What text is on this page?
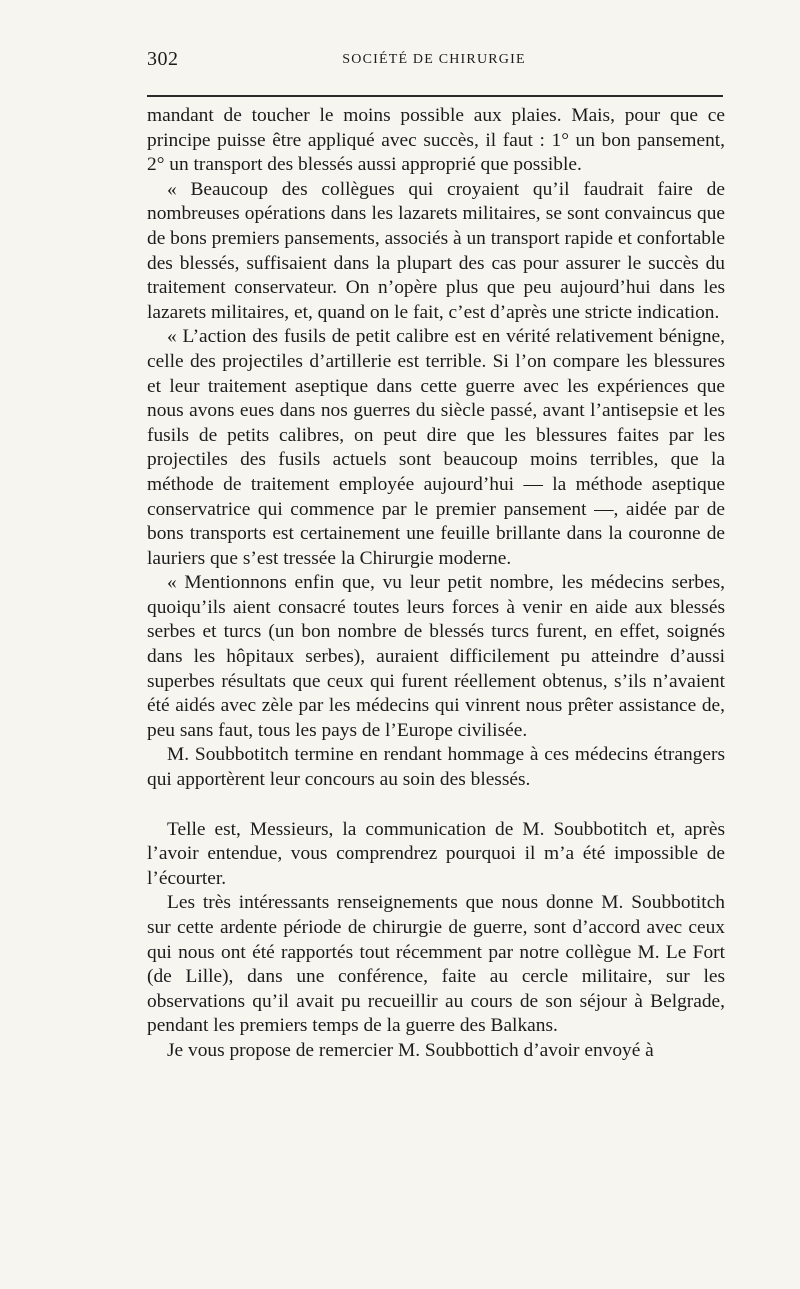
302	SOCIÉTÉ DE CHIRURGIE

mandant de toucher le moins possible aux plaies. Mais, pour que ce principe puisse être appliqué avec succès, il faut : 1° un bon pansement, 2° un transport des blessés aussi approprié que possible.

« Beaucoup des collègues qui croyaient qu’il faudrait faire de nombreuses opérations dans les lazarets militaires, se sont convaincus que de bons premiers pansements, associés à un transport rapide et confortable des blessés, suffisaient dans la plupart des cas pour assurer le succès du traitement conservateur. On n’opère plus que peu aujourd’hui dans les lazarets militaires, et, quand on le fait, c’est d’après une stricte indication.

« L’action des fusils de petit calibre est en vérité relativement bénigne, celle des projectiles d’artillerie est terrible. Si l’on compare les blessures et leur traitement aseptique dans cette guerre avec les expériences que nous avons eues dans nos guerres du siècle passé, avant l’antisepsie et les fusils de petits calibres, on peut dire que les blessures faites par les projectiles des fusils actuels sont beaucoup moins terribles, que la méthode de traitement employée aujourd’hui — la méthode aseptique conservatrice qui commence par le premier pansement —, aidée par de bons transports est certainement une feuille brillante dans la couronne de lauriers que s’est tressée la Chirurgie moderne.

« Mentionnons enfin que, vu leur petit nombre, les médecins serbes, quoiqu’ils aient consacré toutes leurs forces à venir en aide aux blessés serbes et turcs (un bon nombre de blessés turcs furent, en effet, soignés dans les hôpitaux serbes), auraient difficilement pu atteindre d’aussi superbes résultats que ceux qui furent réellement obtenus, s’ils n’avaient été aidés avec zèle par les médecins qui vinrent nous prêter assistance de, peu sans faut, tous les pays de l’Europe civilisée.

M. Soubbotitch termine en rendant hommage à ces médecins étrangers qui apportèrent leur concours au soin des blessés.

Telle est, Messieurs, la communication de M. Soubbotitch et, après l’avoir entendue, vous comprendrez pourquoi il m’a été impossible de l’écourter.

Les très intéressants renseignements que nous donne M. Soubbotitch sur cette ardente période de chirurgie de guerre, sont d’accord avec ceux qui nous ont été rapportés tout récemment par notre collègue M. Le Fort (de Lille), dans une conférence, faite au cercle militaire, sur les observations qu’il avait pu recueillir au cours de son séjour à Belgrade, pendant les premiers temps de la guerre des Balkans.

Je vous propose de remercier M. Soubbottich d’avoir envoyé à
